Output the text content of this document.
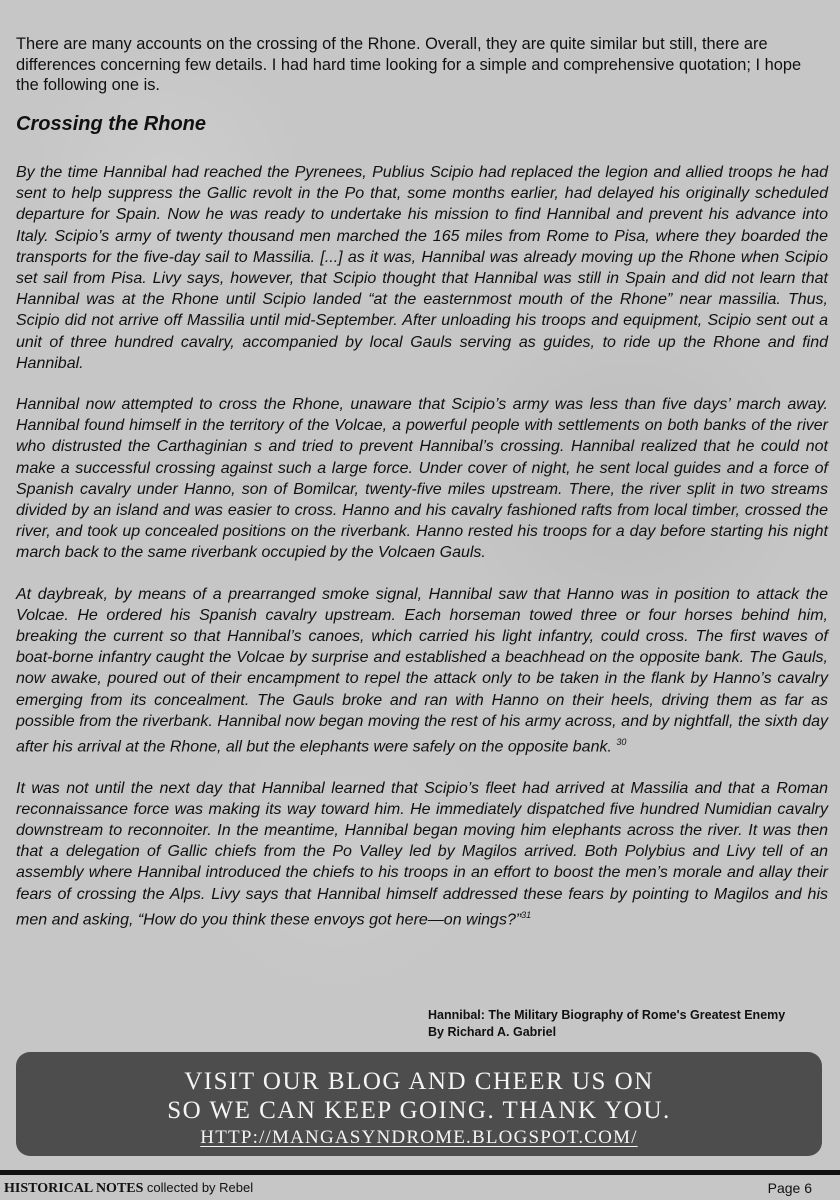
There are many accounts on the crossing of the Rhone. Overall, they are quite similar but still, there are differences concerning few details. I had hard time looking for a simple and comprehensive quotation; I hope the following one is.

Crossing the Rhone

By the time Hannibal had reached the Pyrenees, Publius Scipio had replaced the legion and allied troops he had sent to help suppress the Gallic revolt in the Po that, some months earlier, had delayed his originally scheduled departure for Spain. Now he was ready to undertake his mission to find Hannibal and prevent his advance into Italy. Scipio’s army of twenty thousand men marched the 165 miles from Rome to Pisa, where they boarded the transports for the five-day sail to Massilia. [...] as it was, Hannibal was already moving up the Rhone when Scipio set sail from Pisa. Livy says, however, that Scipio thought that Hannibal was still in Spain and did not learn that Hannibal was at the Rhone until Scipio landed “at the easternmost mouth of the Rhone” near massilia. Thus, Scipio did not arrive off Massilia until mid-September. After unloading his troops and equipment, Scipio sent out a unit of three hundred cavalry, accompanied by local Gauls serving as guides, to ride up the Rhone and find Hannibal.

Hannibal now attempted to cross the Rhone, unaware that Scipio’s army was less than five days’ march away. Hannibal found himself in the territory of the Volcae, a powerful people with settlements on both banks of the river who distrusted the Carthaginian s and tried to prevent Hannibal’s crossing. Hannibal realized that he could not make a successful crossing against such a large force. Under cover of night, he sent local guides and a force of Spanish cavalry under Hanno, son of Bomilcar, twenty-five miles upstream. There, the river split in two streams divided by an island and was easier to cross. Hanno and his cavalry fashioned rafts from local timber, crossed the river, and took up concealed positions on the riverbank. Hanno rested his troops for a day before starting his night march back to the same riverbank occupied by the Volcaen Gauls.

At daybreak, by means of a prearranged smoke signal, Hannibal saw that Hanno was in position to attack the Volcae. He ordered his Spanish cavalry upstream. Each horseman towed three or four horses behind him, breaking the current so that Hannibal’s canoes, which carried his light infantry, could cross. The first waves of boat-borne infantry caught the Volcae by surprise and established a beachhead on the opposite bank. The Gauls, now awake, poured out of their encampment to repel the attack only to be taken in the flank by Hanno’s cavalry emerging from its concealment. The Gauls broke and ran with Hanno on their heels, driving them as far as possible from the riverbank. Hannibal now began moving the rest of his army across, and by nightfall, the sixth day after his arrival at the Rhone, all but the elephants were safely on the opposite bank. $^{30}$

It was not until the next day that Hannibal learned that Scipio’s fleet had arrived at Massilia and that a Roman reconnaissance force was making its way toward him. He immediately dispatched five hundred Numidian cavalry downstream to reconnoiter. In the meantime, Hannibal began moving him elephants across the river. It was then that a delegation of Gallic chiefs from the Po Valley led by Magilos arrived. Both Polybius and Livy tell of an assembly where Hannibal introduced the chiefs to his troops in an effort to boost the men’s morale and allay their fears of crossing the Alps. Livy says that Hannibal himself addressed these fears by pointing to Magilos and his men and asking, “How do you think these envoys got here—on wings?”$^{31}$

Hannibal: The Military Biography of Rome's Greatest Enemy
By Richard A. Gabriel
VISIT OUR BLOG AND CHEER US ON
SO WE CAN KEEP GOING. THANK YOU.
HTTP://MANGASYNDROME.BLOGSPOT.COM/
HISTORICAL NOTES collected by Rebel	Page 6
